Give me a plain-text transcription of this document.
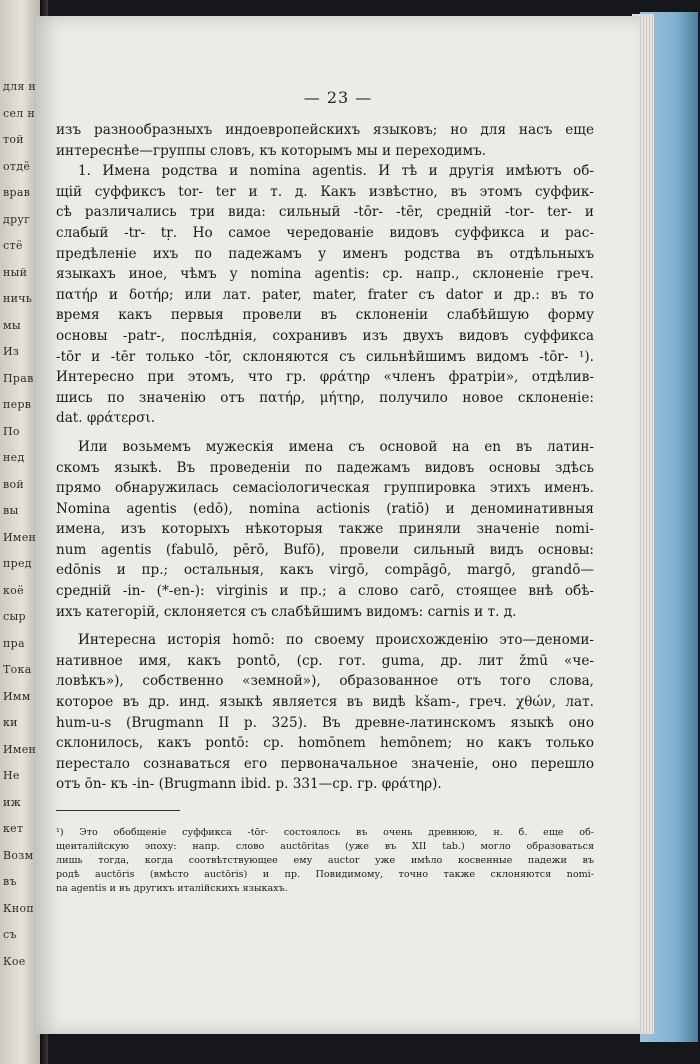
для н
сел н
той
отдё
врав
друг
стё
ный
ничь
мы
Из
Прав
перв
По
нед
вой
вы
Имен
пред
коё
сыр
пра
Тока
Имм
ки
Имен
Не
иж
кет
Возм
въ
Кноп
съ
Кое
— 23 —
изъ разнообразныхъ индоевропейскихъ языковъ; но для насъ еще
интереснѣе—группы словъ, къ которымъ мы и переходимъ.
1. Имена родства и nomina agentis. И тѣ и другія имѣютъ об-
щій суффиксъ tor- ter и т. д. Какъ извѣстно, въ этомъ суффик-
сѣ различались три вида: сильный -tōr- -tēr, средній -tor- ter- и
слабый -tr- tṛ. Но самое чередованіе видовъ суффикса и рас-
предѣленіе ихъ по падежамъ у именъ родства въ отдѣльныхъ
языкахъ иное, чѣмъ у nomina agentis: ср. напр., склоненіе греч.
πατήρ и δοτήρ; или лат. pater, mater, frater съ dator и др.: въ то
время какъ первыя провели въ склоненіи слабѣйшую форму
основы -patr-, послѣднія, сохранивъ изъ двухъ видовъ суффикса
-tōr и -tēr только -tōr, склоняются съ сильнѣйшимъ видомъ -tōr- ¹).
Интересно при этомъ, что гр. φράτηρ «членъ фратріи», отдѣлив-
шись по значенію отъ πατήρ, μήτηρ, получило новое склоненіе:
dat. φράτερσι.
Или возьмемъ мужескія имена съ основой на en въ латин-
скомъ языкѣ. Въ проведеніи по падежамъ видовъ основы здѣсь
прямо обнаружилась семасіологическая группировка этихъ именъ.
Nomina agentis (edō), nomina actionis (ratiō) и деноминативныя
имена, изъ которыхъ нѣкоторыя также приняли значеніе nomi-
num agentis (fabulō, pērō, Bufō), провели сильный видъ основы:
edōnis и пр.; остальныя, какъ virgō, compāgō, margō, grandō—
средній -in- (*-en-): virginis и пр.; а слово carō, стоящее внѣ обѣ-
ихъ категорій, склоняется съ слабѣйшимъ видомъ: carnis и т. д.
Интересна исторія homō: по своему происхожденію это—деноми-
нативное имя, какъ pontō, (ср. гот. guma, др. лит žmū «че-
ловѣкъ»), собственно «земной»), образованное отъ того слова,
которое въ др. инд. языкѣ является въ видѣ kšam-, греч. χθών, лат.
hum-u-s (Brugmann II p. 325). Въ древне-латинскомъ языкѣ оно
склонилось, какъ pontō: ср. homōnem hemōnem; но какъ только
перестало сознаваться его первоначальное значеніе, оно перешло
отъ ōn- къ -in- (Brugmann ibid. p. 331—ср. гр. φράτηρ).
¹) Это обобщеніе суффикса -tōr- состоялось въ очень древнюю, н. б. еще об-
щеиталійскую эпоху: напр. слово auctōritas (уже въ XII tab.) могло образоваться
лишь тогда, когда соотвѣтствующее ему auctor уже имѣло косвенные падежи въ
родѣ auctōris (вмѣсто auctōris) и пр. Повидимому, точно также склоняются nomi-
na agentis и въ другихъ италійскихъ языкахъ.
